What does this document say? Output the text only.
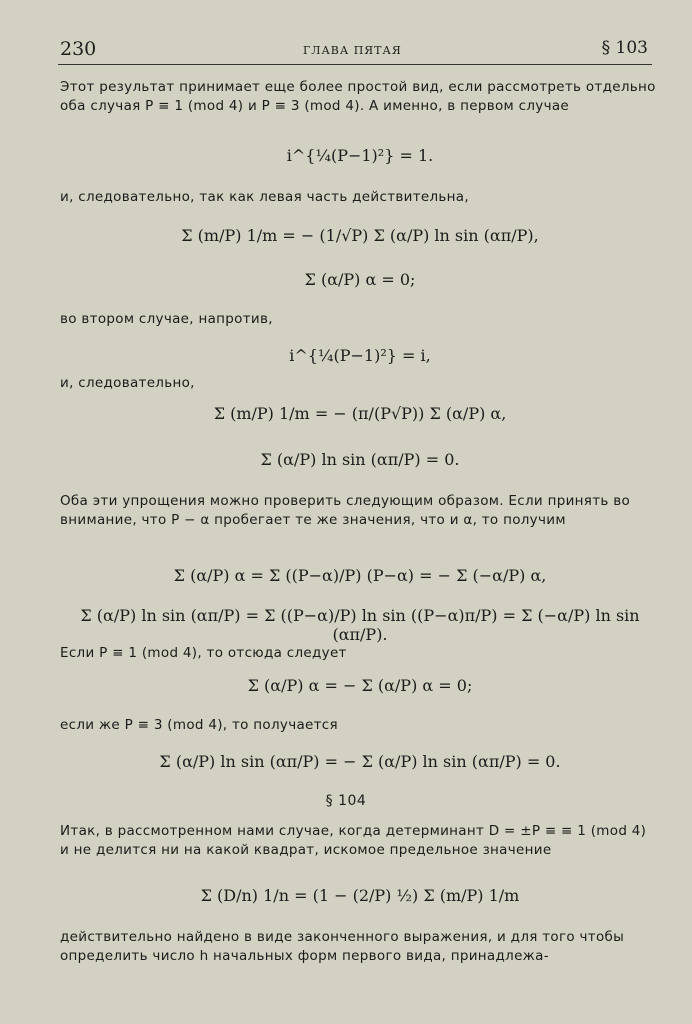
230	ГЛАВА ПЯТАЯ	§ 103
Этот результат принимает еще более простой вид, если рассмотреть отдельно оба случая P ≡ 1 (mod 4) и P ≡ 3 (mod 4). А именно, в первом случае
i^{¼(P−1)²} = 1.
и, следовательно, так как левая часть действительна,
Σ (m/P) 1/m = − (1/√P) Σ (α/P) ln sin (απ/P),
Σ (α/P) α = 0;
во втором случае, напротив,
i^{¼(P−1)²} = i,
и, следовательно,
Σ (m/P) 1/m = − (π/(P√P)) Σ (α/P) α,
Σ (α/P) ln sin (απ/P) = 0.
Оба эти упрощения можно проверить следующим образом. Если принять во внимание, что P − α пробегает те же значения, что и α, то получим
Σ (α/P) α = Σ ((P−α)/P) (P−α) = − Σ (−α/P) α,
Σ (α/P) ln sin (απ/P) = Σ ((P−α)/P) ln sin ((P−α)π/P) = Σ (−α/P) ln sin (απ/P).
Если P ≡ 1 (mod 4), то отсюда следует
Σ (α/P) α = − Σ (α/P) α = 0;
если же P ≡ 3 (mod 4), то получается
Σ (α/P) ln sin (απ/P) = − Σ (α/P) ln sin (απ/P) = 0.
§ 104
Итак, в рассмотренном нами случае, когда детерминант D = ±P ≡ ≡ 1 (mod 4) и не делится ни на какой квадрат, искомое предельное значение
Σ (D/n) 1/n = (1 − (2/P) ½) Σ (m/P) 1/m
действительно найдено в виде законченного выражения, и для того чтобы определить число h начальных форм первого вида, принадлежа-
